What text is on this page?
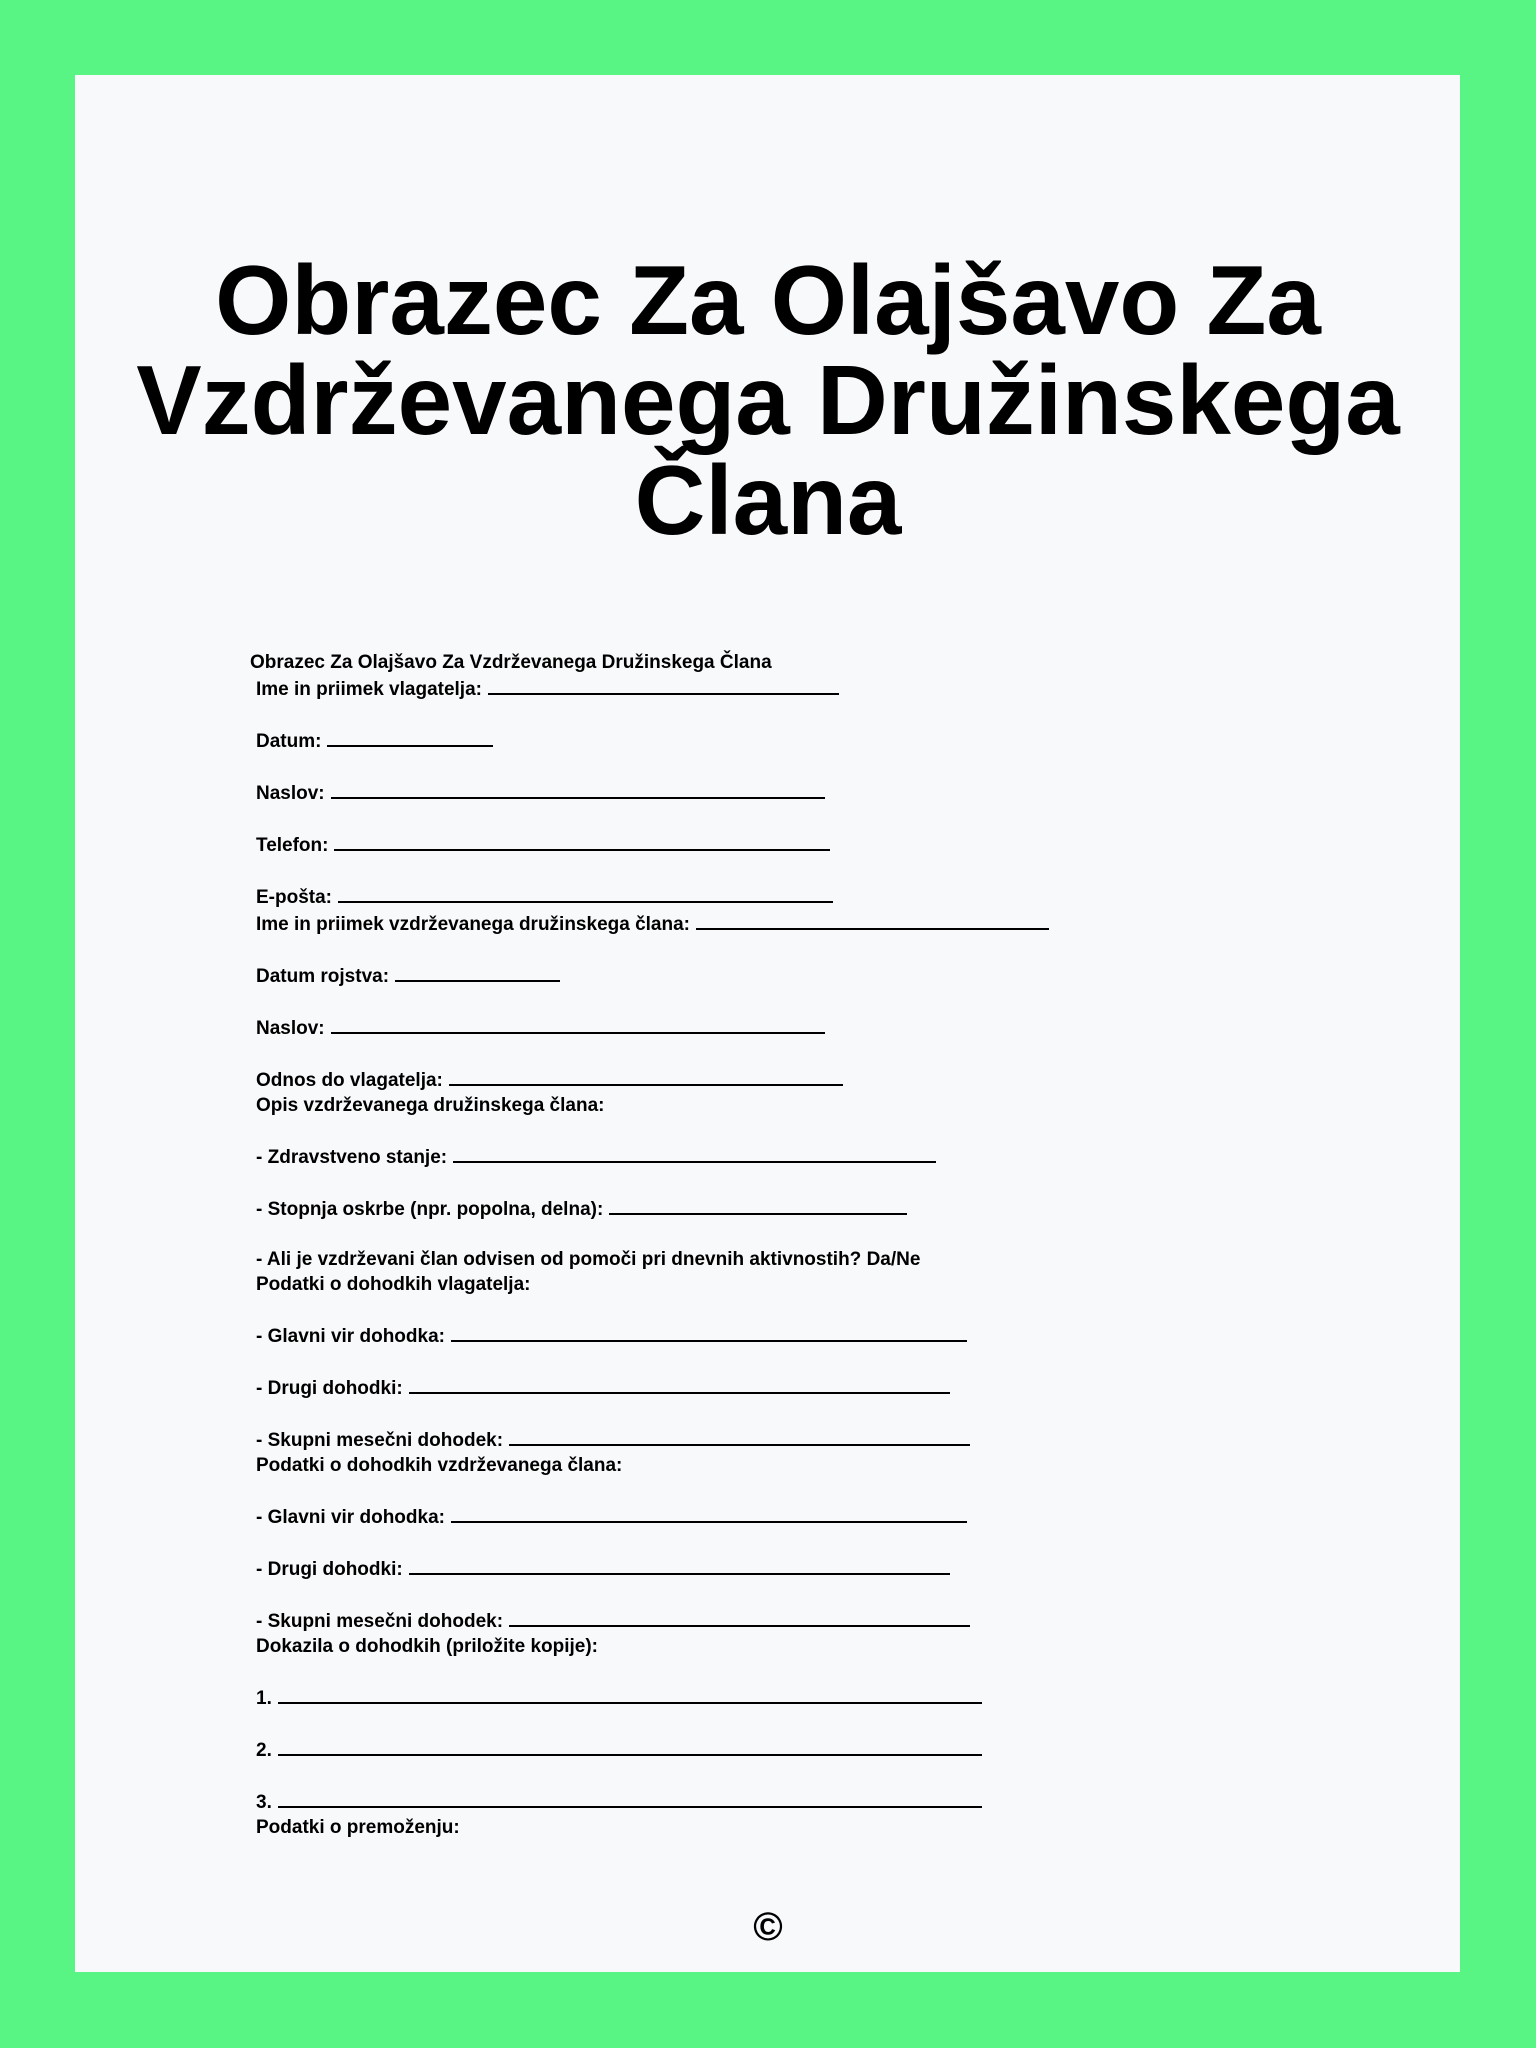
Obrazec Za Olajšavo Za
Vzdrževanega Družinskega
Člana
Obrazec Za Olajšavo Za Vzdrževanega Družinskega Člana
Ime in priimek vlagatelja:
Datum:
Naslov:
Telefon:
E-pošta:
Ime in priimek vzdrževanega družinskega člana:
Datum rojstva:
Naslov:
Odnos do vlagatelja:
Opis vzdrževanega družinskega člana:
- Zdravstveno stanje:
- Stopnja oskrbe (npr. popolna, delna):
- Ali je vzdrževani član odvisen od pomoči pri dnevnih aktivnostih? Da/Ne
Podatki o dohodkih vlagatelja:
- Glavni vir dohodka:
- Drugi dohodki:
- Skupni mesečni dohodek:
Podatki o dohodkih vzdrževanega člana:
- Glavni vir dohodka:
- Drugi dohodki:
- Skupni mesečni dohodek:
Dokazila o dohodkih (priložite kopije):
1.
2.
3.
Podatki o premoženju:
©
